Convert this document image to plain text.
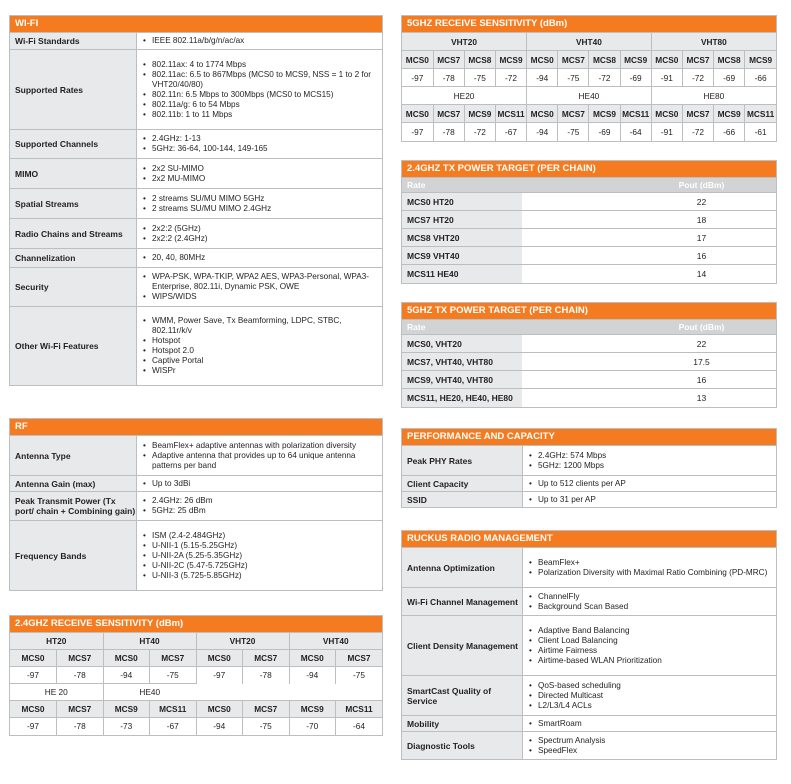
WI-FI
Wi-Fi Standards	• IEEE 802.11a/b/g/n/ac/ax
Supported Rates
• 802.11ax: 4 to 1774 Mbps
• 802.11ac: 6.5 to 867Mbps (MCS0 to MCS9, NSS = 1 to 2 for VHT20/40/80)
• 802.11n: 6.5 Mbps to 300Mbps (MCS0 to MCS15)
• 802.11a/g: 6 to 54 Mbps
• 802.11b: 1 to 11 Mbps
Supported Channels
• 2.4GHz: 1-13
• 5GHz: 36-64, 100-144, 149-165
MIMO
• 2x2 SU-MIMO
• 2x2 MU-MIMO
Spatial Streams
• 2 streams SU/MU MIMO 5GHz
• 2 streams SU/MU MIMO 2.4GHz
Radio Chains and Streams
• 2x2:2 (5GHz)
• 2x2:2 (2.4GHz)
Channelization	• 20, 40, 80MHz
Security
• WPA-PSK, WPA-TKIP, WPA2 AES, WPA3-Personal, WPA3-Enterprise, 802.11i, Dynamic PSK, OWE
• WIPS/WIDS
Other Wi-Fi Features
• WMM, Power Save, Tx Beamforming, LDPC, STBC, 802.11r/k/v
• Hotspot
• Hotspot 2.0
• Captive Portal
• WISPr
RF
Antenna Type
• BeamFlex+ adaptive antennas with polarization diversity
• Adaptive antenna that provides up to 64 unique antenna patterns per band
Antenna Gain (max)	• Up to 3dBi
Peak Transmit Power (Tx port/ chain + Combining gain)
• 2.4GHz: 26 dBm
• 5GHz: 25 dBm
Frequency Bands
• ISM (2.4-2.484GHz)
• U-NII-1 (5.15-5.25GHz)
• U-NII-2A (5.25-5.35GHz)
• U-NII-2C (5.47-5.725GHz)
• U-NII-3 (5.725-5.85GHz)
2.4GHZ RECEIVE SENSITIVITY (dBm)
HT20		HT40		VHT20		VHT40	
MCS0	MCS7	MCS0	MCS7	MCS0	MCS7	MCS0	MCS7
-97	-78	-94	-75	-97	-78	-94	-75
HE 20		HE40					
MCS0	MCS7	MCS9	MCS11	MCS0	MCS7	MCS9	MCS11
-97	-78	-73	-67	-94	-75	-70	-64
5GHZ RECEIVE SENSITIVITY (dBm)
VHT20				VHT40				VHT80			
MCS0	MCS7	MCS8	MCS9	MCS0	MCS7	MCS8	MCS9	MCS0	MCS7	MCS8	MCS9
-97	-78	-75	-72	-94	-75	-72	-69	-91	-72	-69	-66
HE20				HE40				HE80			
MCS0	MCS7	MCS9	MCS11	MCS0	MCS7	MCS9	MCS11	MCS0	MCS7	MCS9	MCS11
-97	-78	-72	-67	-94	-75	-69	-64	-91	-72	-66	-61
2.4GHZ TX POWER TARGET (PER CHAIN)
Rate	Pout (dBm)
MCS0 HT20	22
MCS7 HT20	18
MCS8 VHT20	17
MCS9 VHT40	16
MCS11 HE40	14
5GHZ TX POWER TARGET (PER CHAIN)
Rate	Pout (dBm)
MCS0, VHT20	22
MCS7, VHT40, VHT80	17.5
MCS9, VHT40, VHT80	16
MCS11, HE20, HE40, HE80	13
PERFORMANCE AND CAPACITY
Peak PHY Rates
• 2.4GHz: 574 Mbps
• 5GHz: 1200 Mbps
Client Capacity	• Up to 512 clients per AP
SSID	• Up to 31 per AP
RUCKUS RADIO MANAGEMENT
Antenna Optimization
• BeamFlex+
• Polarization Diversity with Maximal Ratio Combining (PD-MRC)
Wi-Fi Channel Management
• ChannelFly
• Background Scan Based
Client Density Management
• Adaptive Band Balancing
• Client Load Balancing
• Airtime Fairness
• Airtime-based WLAN Prioritization
SmartCast Quality of Service
• QoS-based scheduling
• Directed Multicast
• L2/L3/L4 ACLs
Mobility	• SmartRoam
Diagnostic Tools
• Spectrum Analysis
• SpeedFlex
